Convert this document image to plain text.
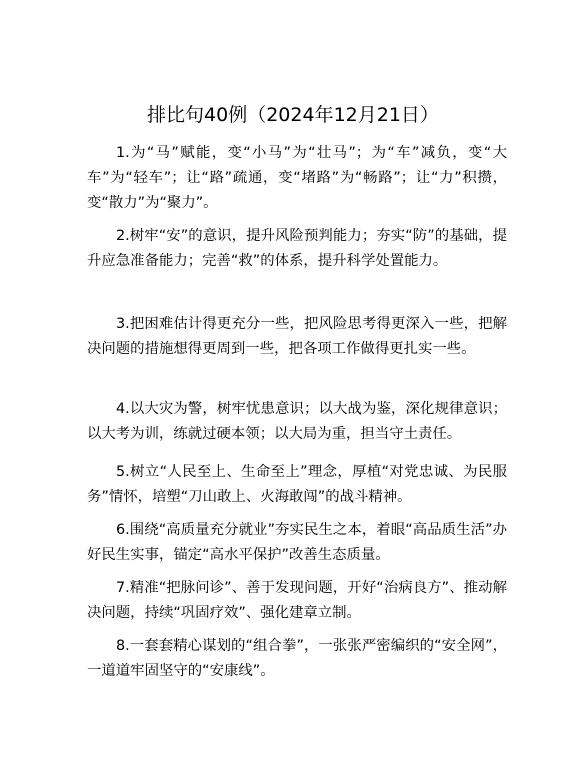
排比句40例（2024年12月21日）

1.为“马”赋能，变“小马”为“壮马”；为“车”减负，变“大车”为“轻车”；让“路”疏通，变“堵路”为“畅路”；让“力”积攒，变“散力”为“聚力”。

2.树牢“安”的意识，提升风险预判能力；夯实“防”的基础，提升应急准备能力；完善“救”的体系，提升科学处置能力。

3.把困难估计得更充分一些，把风险思考得更深入一些，把解决问题的措施想得更周到一些，把各项工作做得更扎实一些。

4.以大灾为警，树牢忧患意识；以大战为鉴，深化规律意识；以大考为训，练就过硬本领；以大局为重，担当守土责任。

5.树立“人民至上、生命至上”理念，厚植“对党忠诚、为民服务”情怀，培塑“刀山敢上、火海敢闯”的战斗精神。

6.围绕“高质量充分就业”夯实民生之本，着眼“高品质生活”办好民生实事，锚定“高水平保护”改善生态质量。

7.精准“把脉问诊”、善于发现问题，开好“治病良方”、推动解决问题，持续“巩固疗效”、强化建章立制。

8.一套套精心谋划的“组合拳”，一张张严密编织的“安全网”，一道道牢固坚守的“安康线”。
